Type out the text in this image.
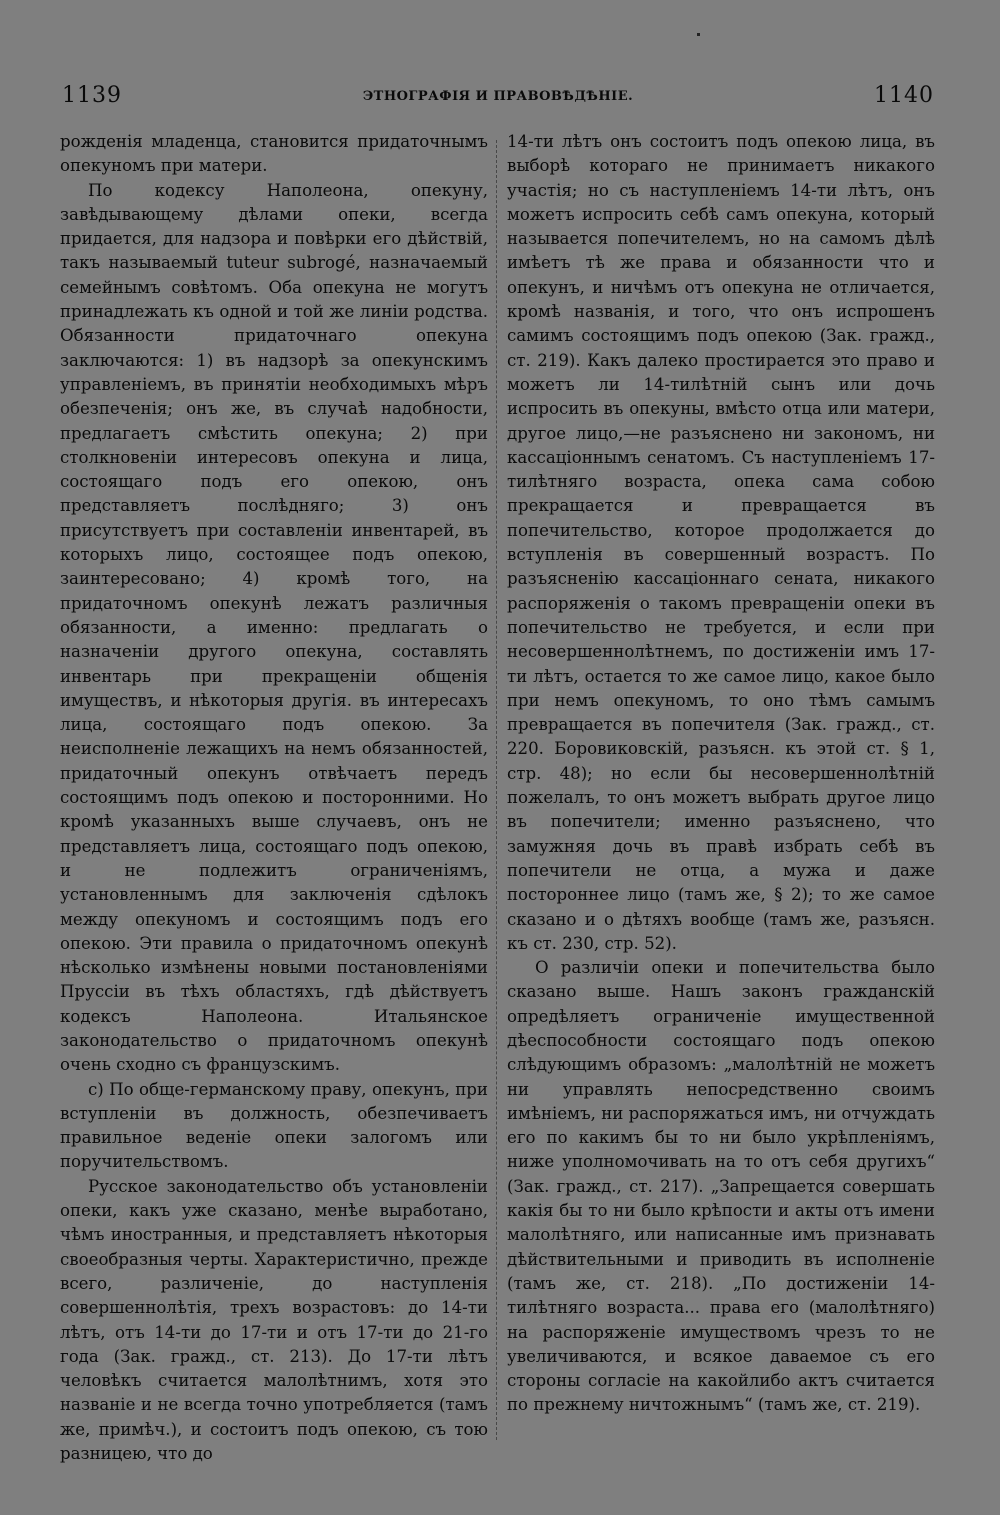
1139	ЭТНОГРАФІЯ И ПРАВОВѢДѢНІЕ.	1140

рожденія младенца, становится придаточнымъ опекуномъ при матери.

По кодексу Наполеона, опекуну, завѣдывающему дѣлами опеки, всегда придается, для надзора и повѣрки его дѣйствій, такъ называемый tuteur subrogé, назначаемый семейнымъ совѣтомъ. Оба опекуна не могутъ принадлежать къ одной и той же линіи родства. Обязанности придаточнаго опекуна заключаются: 1) въ надзорѣ за опекунскимъ управленіемъ, въ принятіи необходимыхъ мѣръ обезпеченія; онъ же, въ случаѣ надобности, предлагаетъ смѣстить опекуна; 2) при столкновеніи интересовъ опекуна и лица, состоящаго подъ его опекою, онъ представляетъ послѣдняго; 3) онъ присутствуетъ при составленіи инвентарей, въ которыхъ лицо, состоящее подъ опекою, заинтересовано; 4) кромѣ того, на придаточномъ опекунѣ лежатъ различныя обязанности, а именно: предлагать о назначеніи другого опекуна, составлять инвентарь при прекращеніи общенія имуществъ, и нѣкоторыя другія. въ интересахъ лица, состоящаго подъ опекою. За неисполненіе лежащихъ на немъ обязанностей, придаточный опекунъ отвѣчаетъ передъ состоящимъ подъ опекою и посторонними. Но кромѣ указанныхъ выше случаевъ, онъ не представляетъ лица, состоящаго подъ опекою, и не подлежитъ ограниченіямъ, установленнымъ для заключенія сдѣлокъ между опекуномъ и состоящимъ подъ его опекою. Эти правила о придаточномъ опекунѣ нѣсколько измѣнены новыми постановленіями Пруссіи въ тѣхъ областяхъ, гдѣ дѣйствуетъ кодексъ Наполеона. Итальянское законодательство о придаточномъ опекунѣ очень сходно съ французскимъ.

с) По обще-германскому праву, опекунъ, при вступленіи въ должность, обезпечиваетъ правильное веденіе опеки залогомъ или поручительствомъ.

Русское законодательство объ установленіи опеки, какъ уже сказано, менѣе выработано, чѣмъ иностранныя, и представляетъ нѣкоторыя своеобразныя черты. Характеристично, прежде всего, различеніе, до наступленія совершеннолѣтія, трехъ возрастовъ: до 14-ти лѣтъ, отъ 14-ти до 17-ти и отъ 17-ти до 21-го года (Зак. гражд., ст. 213). До 17-ти лѣтъ человѣкъ считается малолѣтнимъ, хотя это названіе и не всегда точно употребляется (тамъ же, примѣч.), и состоитъ подъ опекою, съ тою разницею, что до

14-ти лѣтъ онъ состоитъ подъ опекою лица, въ выборѣ котораго не принимаетъ никакого участія; но съ наступленіемъ 14-ти лѣтъ, онъ можетъ испросить себѣ самъ опекуна, который называется попечителемъ, но на самомъ дѣлѣ имѣетъ тѣ же права и обязанности что и опекунъ, и ничѣмъ отъ опекуна не отличается, кромѣ названія, и того, что онъ испрошенъ самимъ состоящимъ подъ опекою (Зак. гражд., ст. 219). Какъ далеко простирается это право и можетъ ли 14-тилѣтній сынъ или дочь испросить въ опекуны, вмѣсто отца или матери, другое лицо,—не разъяснено ни закономъ, ни кассаціоннымъ сенатомъ. Съ наступленіемъ 17-тилѣтняго возраста, опека сама собою прекращается и превращается въ попечительство, которое продолжается до вступленія въ совершенный возрастъ. По разъясненію кассаціоннаго сената, никакого распоряженія о такомъ превращеніи опеки въ попечительство не требуется, и если при несовершеннолѣтнемъ, по достиженіи имъ 17-ти лѣтъ, остается то же самое лицо, какое было при немъ опекуномъ, то оно тѣмъ самымъ превращается въ попечителя (Зак. гражд., ст. 220. Боровиковскій, разъясн. къ этой ст. § 1, стр. 48); но если бы несовершеннолѣтній пожелалъ, то онъ можетъ выбрать другое лицо въ попечители; именно разъяснено, что замужняя дочь въ правѣ избрать себѣ въ попечители не отца, а мужа и даже постороннее лицо (тамъ же, § 2); то же самое сказано и о дѣтяхъ вообще (тамъ же, разъясн. къ ст. 230, стр. 52).

О различіи опеки и попечительства было сказано выше. Нашъ законъ гражданскій опредѣляетъ ограниченіе имущественной дѣеспособности состоящаго подъ опекою слѣдующимъ образомъ: „малолѣтній не можетъ ни управлять непосредственно своимъ имѣніемъ, ни распоряжаться имъ, ни отчуждать его по какимъ бы то ни было укрѣпленіямъ, ниже уполномочивать на то отъ себя другихъ“ (Зак. гражд., ст. 217). „Запрещается совершать какія бы то ни было крѣпости и акты отъ имени малолѣтняго, или написанные имъ признавать дѣйствительными и приводить въ исполненіе (тамъ же, ст. 218). „По достиженіи 14-тилѣтняго возраста... права его (малолѣтняго) на распоряженіе имуществомъ чрезъ то не увеличиваются, и всякое даваемое съ его стороны согласіе на какойлибо актъ считается по прежнему ничтожнымъ“ (тамъ же, ст. 219).
